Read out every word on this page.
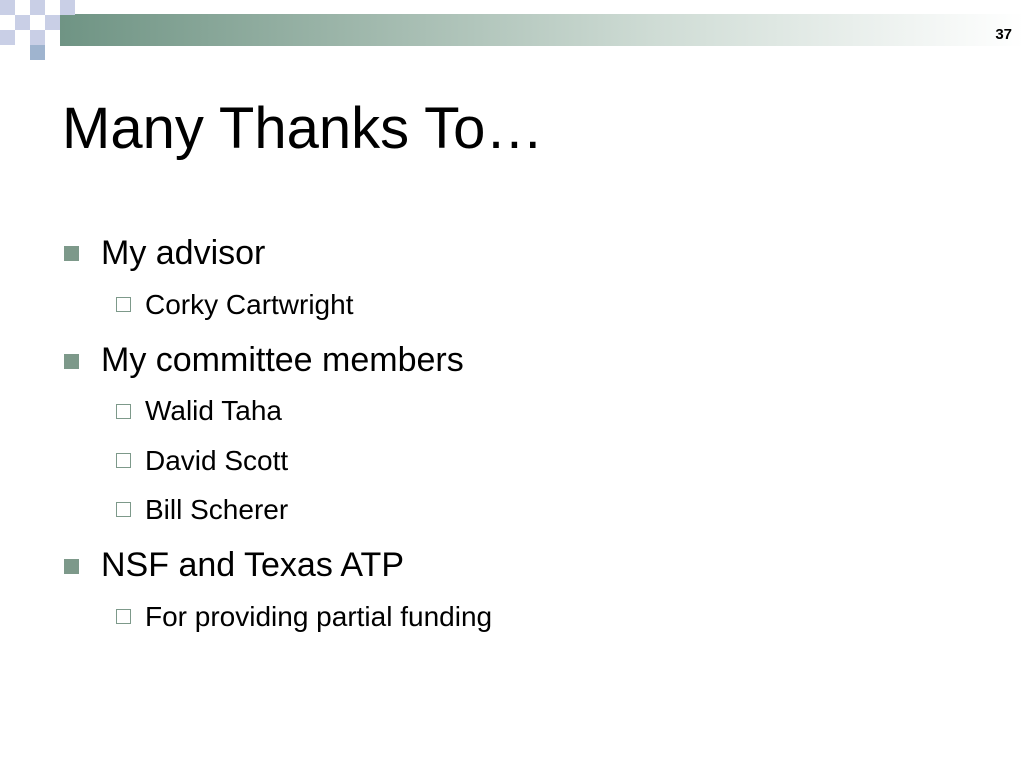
37
Many Thanks To…
My advisor
Corky Cartwright
My committee members
Walid Taha
David Scott
Bill Scherer
NSF and Texas ATP
For providing partial funding
